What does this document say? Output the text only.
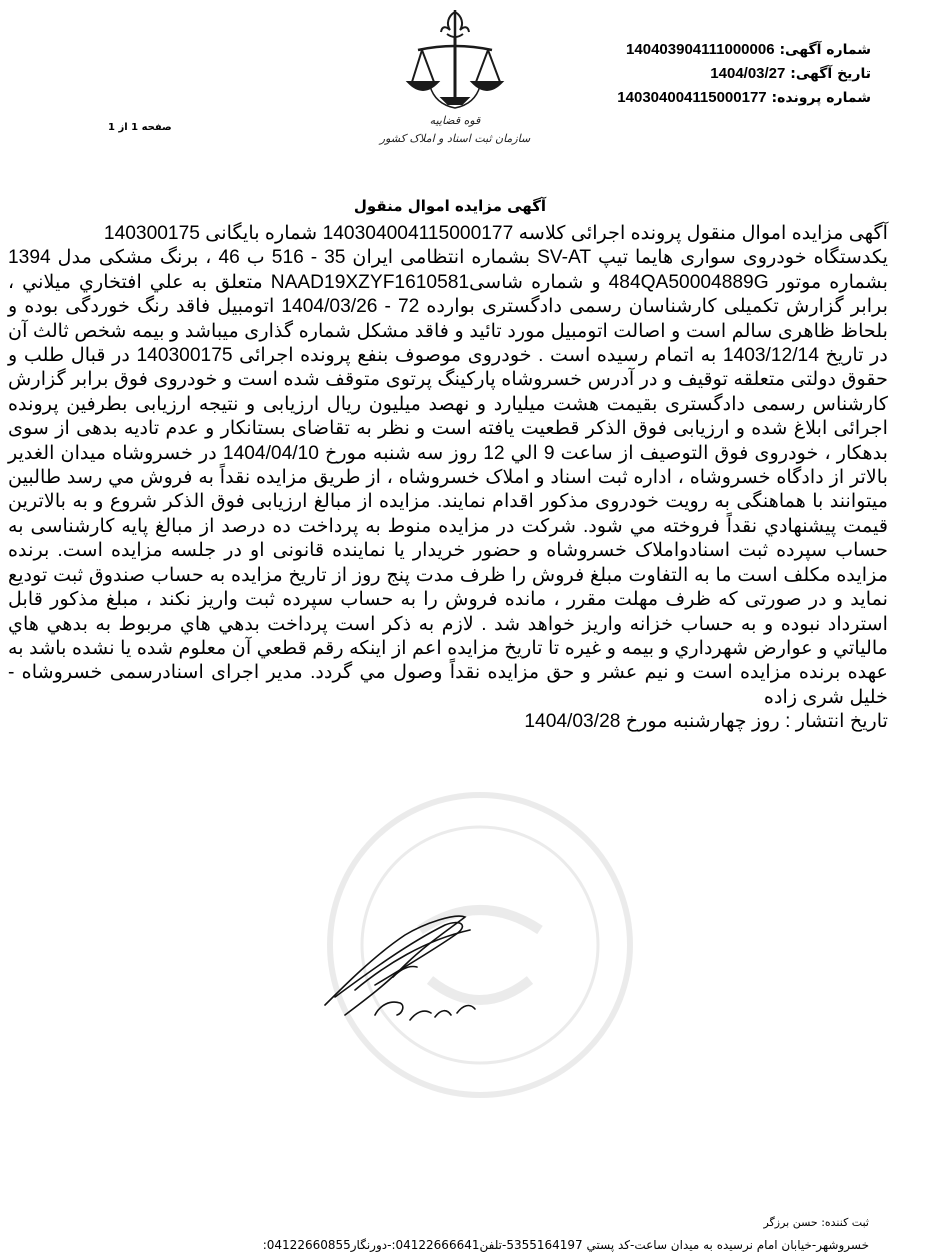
شماره آگهی: 14040390411100000​6
تاریخ آگهی: 1404/03/27
شماره پرونده: 140304004115000177
قوه قضاییه
سازمان ثبت اسناد و املاک کشور
صفحه 1 از 1
آگهی مزایده اموال منقول

آگهی مزایده اموال منقول پرونده اجرائی کلاسه 140304004115000177 شماره بایگانی 140300175

یکدستگاه خودروی سواری هایما تیپ SV-AT بشماره انتظامی ایران 35 - 516 ب 46 ، برنگ مشکی مدل 1394 بشماره موتور 484QA50004889G و شماره شاسیNAAD19XZYF1610581 متعلق به علي افتخاري ميلاني ، برابر گزارش تکمیلی کارشناسان رسمی دادگستری بوارده 72 - 1404/03/26 اتومبیل فاقد رنگ خوردگی بوده و بلحاظ ظاهری سالم است و اصالت اتومبیل مورد تائید و فاقد مشکل شماره گذاری میباشد و بیمه شخص ثالث آن در تاریخ 1403/12/14 به اتمام رسیده است . خودروی موصوف بنفع پرونده اجرائی 140300175 در قبال طلب و حقوق دولتی متعلقه توقیف و در آدرس خسروشاه پارکینگ پرتوی متوقف شده است و خودروی فوق برابر گزارش کارشناس رسمی دادگستری بقیمت هشت میلیارد و نهصد میلیون ریال ارزیابی و نتیجه ارزیابی بطرفین پرونده اجرائی ابلاغ شده و ارزیابی فوق الذکر قطعیت یافته است و نظر به تقاضای بستانکار و عدم تادیه بدهی از سوی بدهکار ، خودروی فوق التوصیف از ساعت 9 الي 12 روز سه شنبه مورخ 1404/04/10 در خسروشاه میدان الغدیر بالاتر از دادگاه خسروشاه ، اداره ثبت اسناد و املاک خسروشاه ، از طريق مزايده نقداً به فروش مي رسد طالبین میتوانند با هماهنگی به رویت خودروی مذکور اقدام نمايند. مزايده از مبالغ ارزیابی فوق الذکر شروع و به بالاترين قيمت پيشنهادي نقداً فروخته مي شود. شرکت در مزایده منوط به پرداخت ده درصد از مبالغ پایه کارشناسی به حساب سپرده ثبت اسنادواملاک خسروشاه و حضور خریدار یا نماینده قانونی او در جلسه مزایده است. برنده مزایده مکلف است ما به التفاوت مبلغ فروش را ظرف مدت پنج روز از تاریخ مزایده به حساب صندوق ثبت توديع نمايد و در صورتی که ظرف مهلت مقرر ، مانده فروش را به حساب سپرده ثبت واریز نکند ، مبلغ مذکور قابل استرداد نبوده و به حساب خزانه واريز خواهد شد . لازم به ذکر است پرداخت بدهي هاي مربوط به بدهي هاي مالياتي و عوارض شهرداري و بيمه و غيره تا تاريخ مزايده اعم از اينکه رقم قطعي آن معلوم شده يا نشده باشد به عهده برنده مزايده است و نيم عشر و حق مزايده نقداً وصول مي گردد. مدیر اجرای اسنادرسمی خسروشاه - خلیل شری زاده

تاریخ انتشار : روز چهارشنبه مورخ 1404/03/28

ثبت کننده: حسن برزگر
خسروشهر-خیابان امام نرسیده به میدان ساعت-کد پستي 5355164197-تلفن04122666641:-دورنگار04122660855:
